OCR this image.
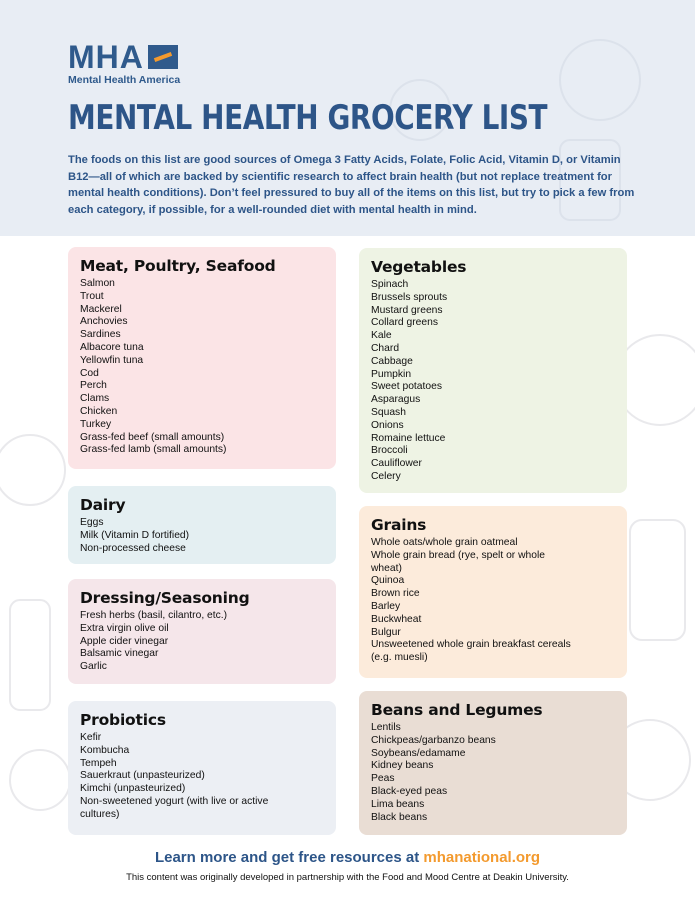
MHA
Mental Health America
MENTAL HEALTH GROCERY LIST

The foods on this list are good sources of Omega 3 Fatty Acids, Folate, Folic Acid, Vitamin D, or Vitamin B12—all of which are backed by scientific research to affect brain health (but not replace treatment for mental health conditions). Don’t feel pressured to buy all of the items on this list, but try to pick a few from each category, if possible, for a well-rounded diet with mental health in mind.

Meat, Poultry, Seafood
Salmon
Trout
Mackerel
Anchovies
Sardines
Albacore tuna
Yellowfin tuna
Cod
Perch
Clams
Chicken
Turkey
Grass-fed beef (small amounts)
Grass-fed lamb (small amounts)
Dairy
Eggs
Milk (Vitamin D fortified)
Non-processed cheese
Dressing/Seasoning
Fresh herbs (basil, cilantro, etc.)
Extra virgin olive oil
Apple cider vinegar
Balsamic vinegar
Garlic
Probiotics
Kefir
Kombucha
Tempeh
Sauerkraut (unpasteurized)
Kimchi (unpasteurized)
Non-sweetened yogurt (with live or active
cultures)
Vegetables
Spinach
Brussels sprouts
Mustard greens
Collard greens
Kale
Chard
Cabbage
Pumpkin
Sweet potatoes
Asparagus
Squash
Onions
Romaine lettuce
Broccoli
Cauliflower
Celery
Grains
Whole oats/whole grain oatmeal
Whole grain bread (rye, spelt or whole
wheat)
Quinoa
Brown rice
Barley
Buckwheat
Bulgur
Unsweetened whole grain breakfast cereals
(e.g. muesli)
Beans and Legumes
Lentils
Chickpeas/garbanzo beans
Soybeans/edamame
Kidney beans
Peas
Black-eyed peas
Lima beans
Black beans
Learn more and get free resources at mhanational.org
This content was originally developed in partnership with the Food and Mood Centre at Deakin University.
